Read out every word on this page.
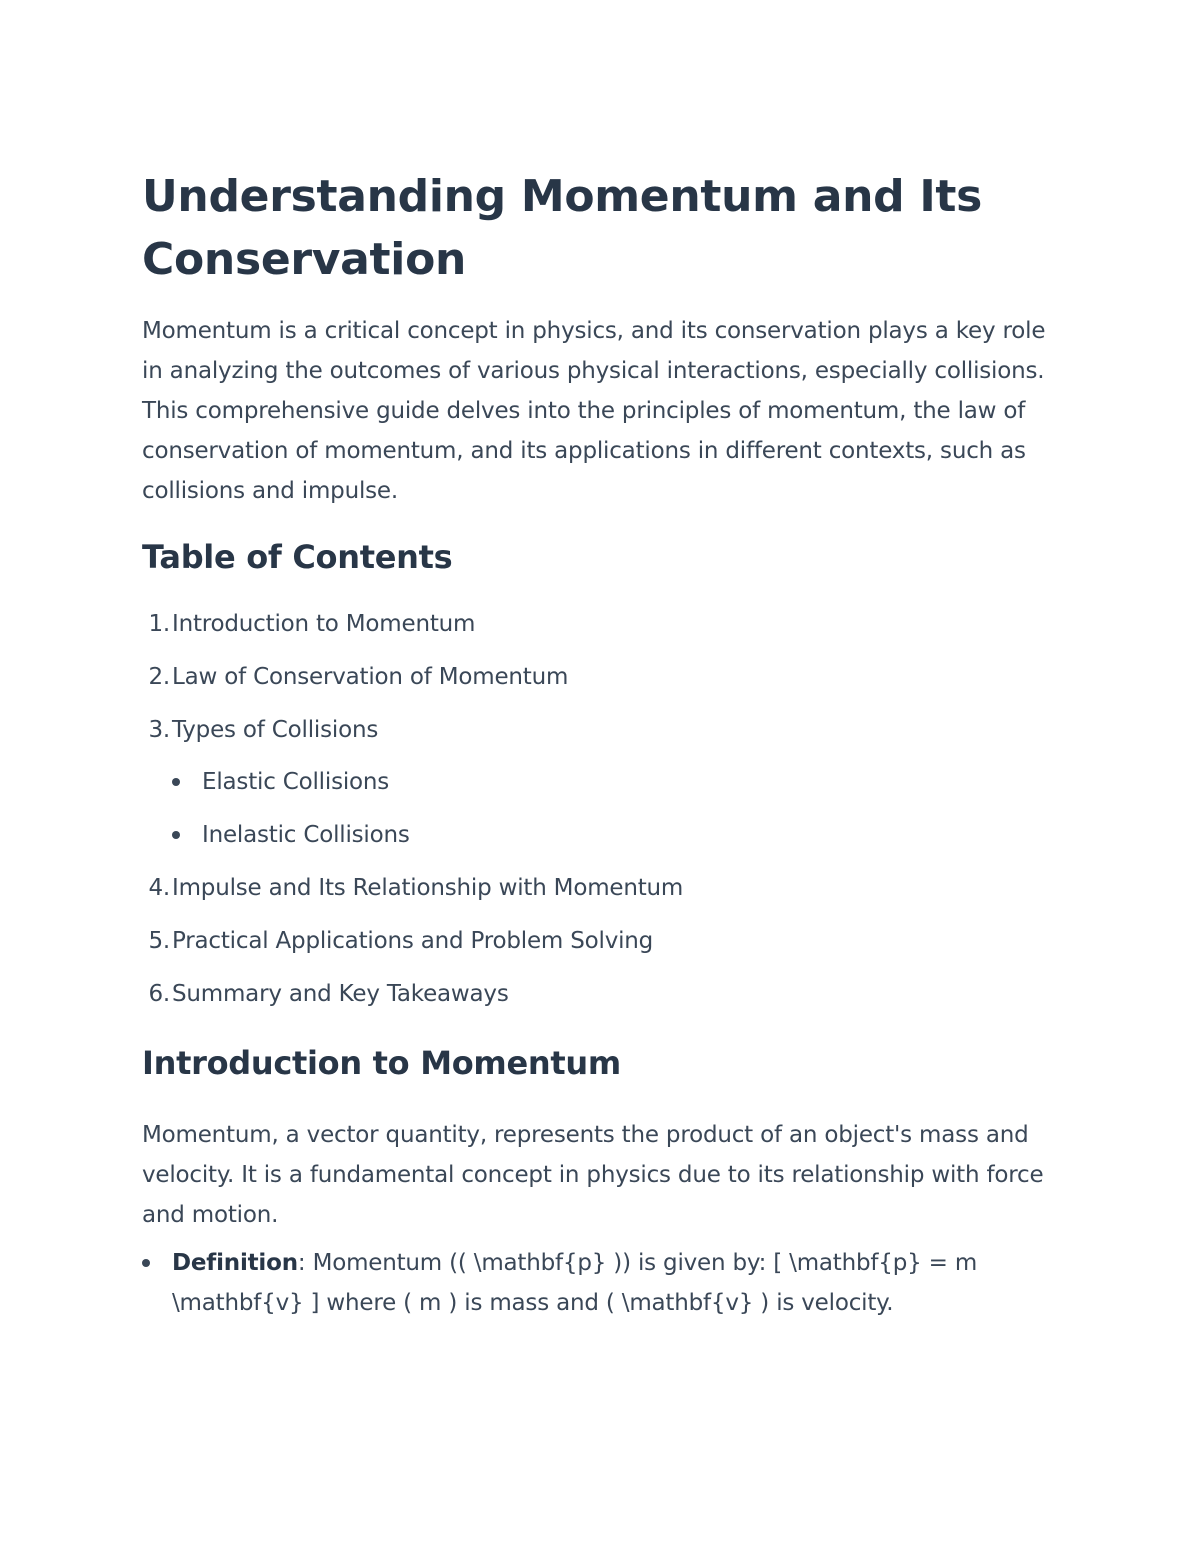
Understanding Momentum and Its Conservation

Momentum is a critical concept in physics, and its conservation plays a key role in analyzing the outcomes of various physical interactions, especially collisions. This comprehensive guide delves into the principles of momentum, the law of conservation of momentum, and its applications in different contexts, such as collisions and impulse.

Table of Contents
1.Introduction to Momentum
2.Law of Conservation of Momentum
3.Types of Collisions
Elastic Collisions
Inelastic Collisions
4.Impulse and Its Relationship with Momentum
5.Practical Applications and Problem Solving
6.Summary and Key Takeaways
Introduction to Momentum

Momentum, a vector quantity, represents the product of an object's mass and velocity. It is a fundamental concept in physics due to its relationship with force and motion.

Definition: Momentum (( \mathbf{p} )) is given by: [ \mathbf{p} = m \mathbf{v} ] where ( m ) is mass and ( \mathbf{v} ) is velocity.
